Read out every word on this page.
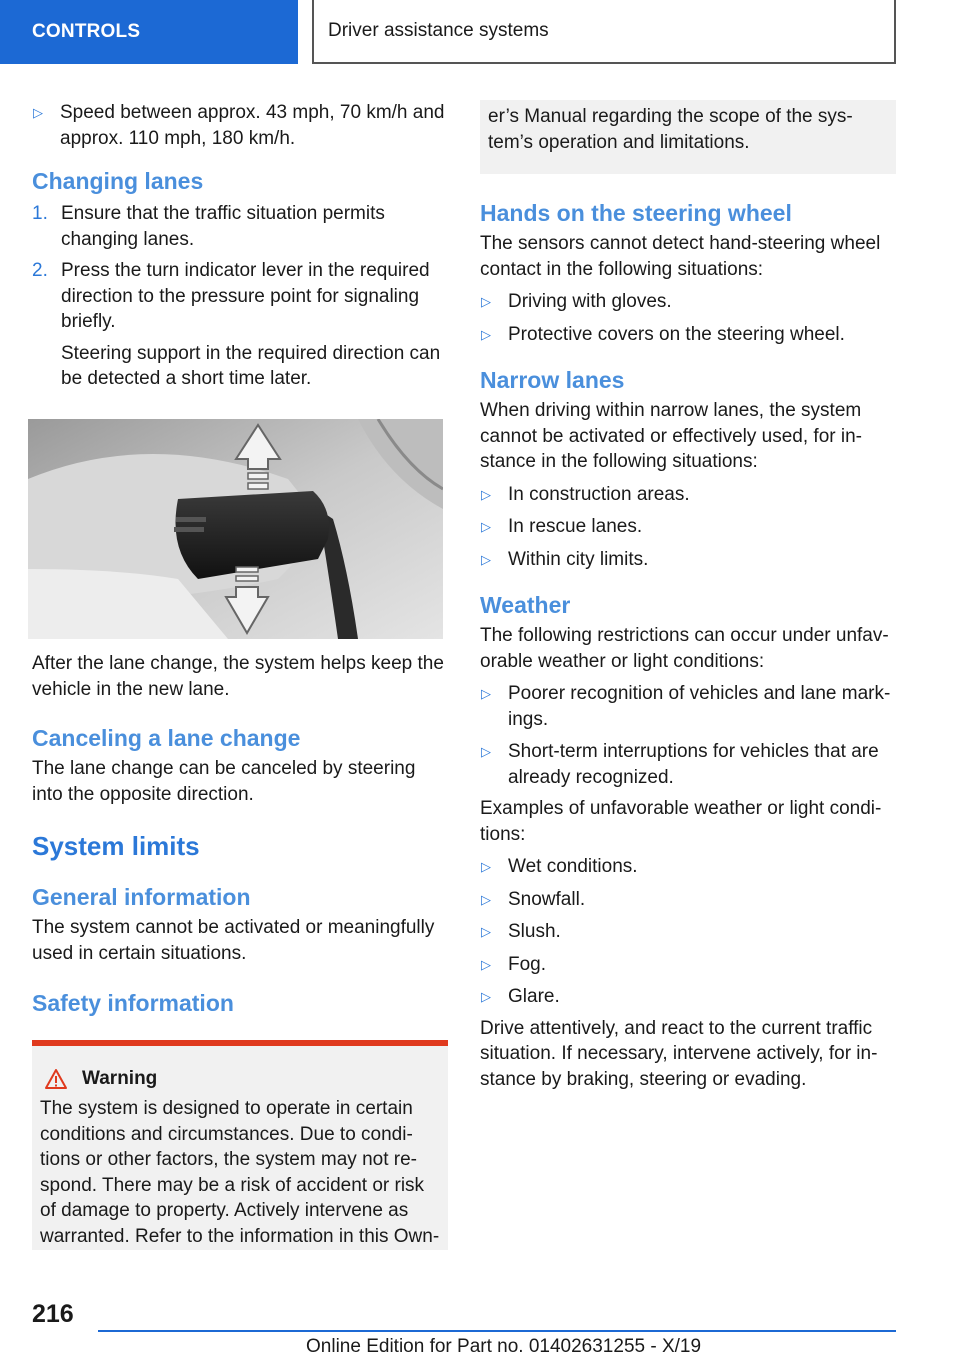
CONTROLS	Driver assistance systems
▷ Speed between approx. 43 mph, 70 km/h and approx. 110 mph, 180 km/h.
Changing lanes
1. Ensure that the traffic situation permits changing lanes.
2. Press the turn indicator lever in the required direction to the pressure point for signaling briefly.

Steering support in the required direction can be detected a short time later.

After the lane change, the system helps keep the vehicle in the new lane.

Canceling a lane change

The lane change can be canceled by steering into the opposite direction.

System limits
General information

The system cannot be activated or meaningfully used in certain situations.

Safety information
Warning

The system is designed to operate in certain conditions and circumstances. Due to conditions or other factors, the system may not respond. There may be a risk of accident or risk of damage to property. Actively intervene as warranted. Refer to the information in this Own-

er’s Manual regarding the scope of the system’s operation and limitations.

Hands on the steering wheel

The sensors cannot detect hand-steering wheel contact in the following situations:

▷ Driving with gloves.
▷ Protective covers on the steering wheel.
Narrow lanes

When driving within narrow lanes, the system cannot be activated or effectively used, for instance in the following situations:

▷ In construction areas.
▷ In rescue lanes.
▷ Within city limits.
Weather

The following restrictions can occur under unfavorable weather or light conditions:

▷ Poorer recognition of vehicles and lane markings.
▷ Short-term interruptions for vehicles that are already recognized.

Examples of unfavorable weather or light conditions:

▷ Wet conditions.
▷ Snowfall.
▷ Slush.
▷ Fog.
▷ Glare.

Drive attentively, and react to the current traffic situation. If necessary, intervene actively, for instance by braking, steering or evading.

216
Online Edition for Part no. 01402631255 - X/19
